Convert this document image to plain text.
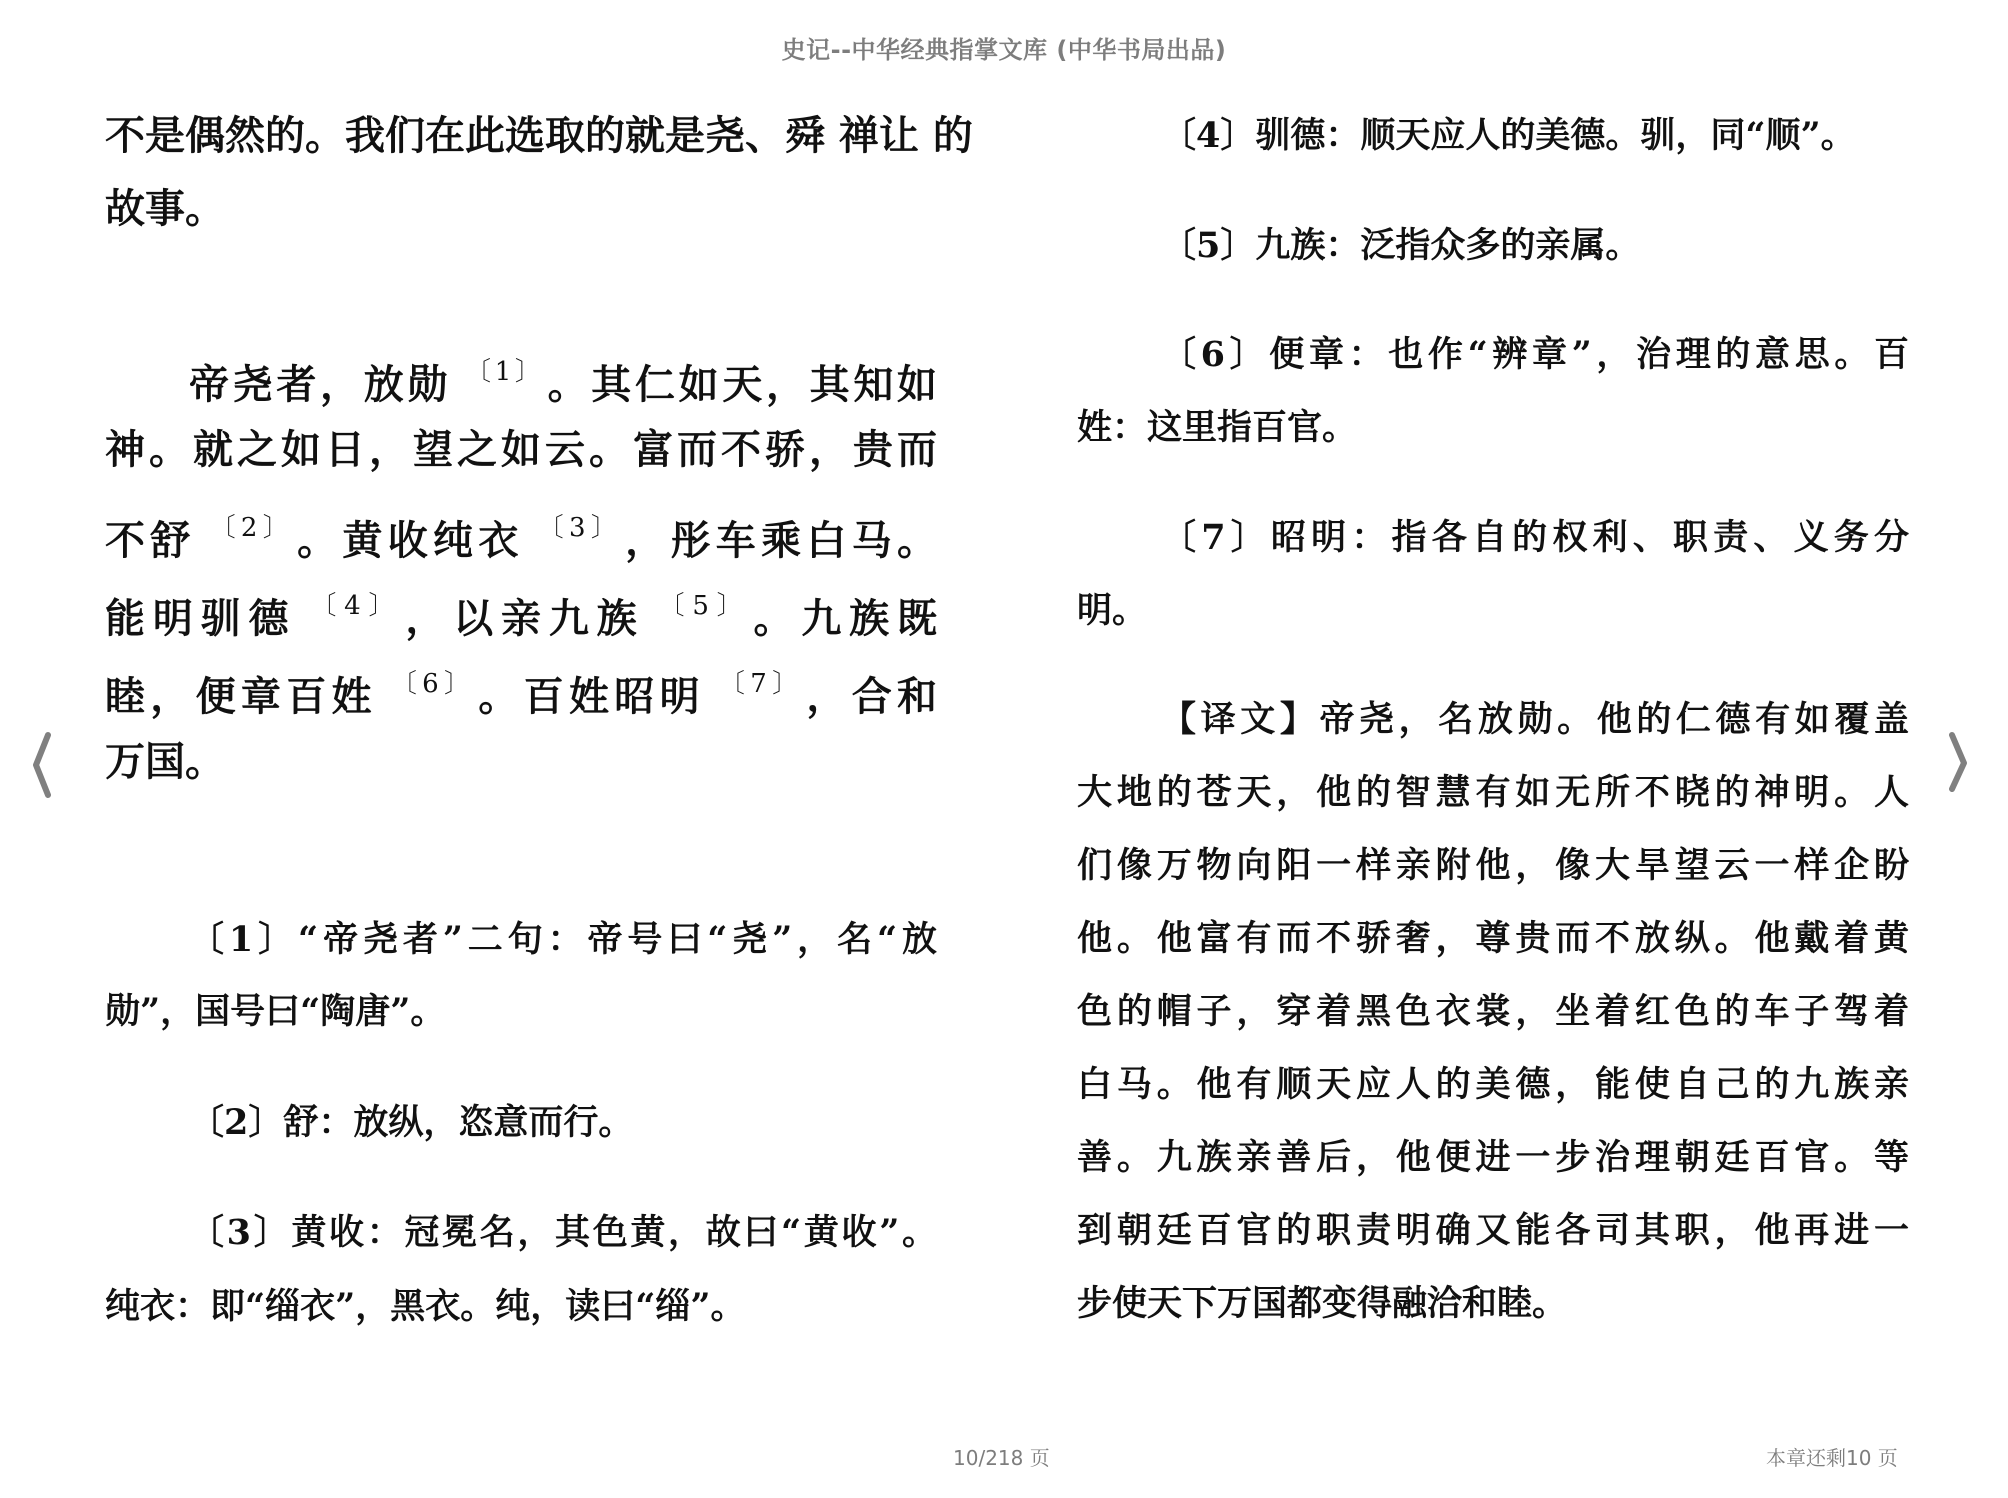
史记--中华经典指掌文库 (中华书局出品)
不是偶然的。我们在此选取的就是尧、舜 禅让 的
故事。
帝尧者，放勋 $^{〔1〕}$ 。其仁如天，其知如
神。就之如日，望之如云。富而不骄，贵而
不舒 $^{〔2〕}$ 。黄收纯衣 $^{〔3〕}$ ，彤车乘白马。
能明驯德 $^{〔4〕}$ ，以亲九族 $^{〔5〕}$ 。九族既
睦，便章百姓 $^{〔6〕}$ 。百姓昭明 $^{〔7〕}$ ，合和
万国。
〔1〕“帝尧者”二句：帝号曰“尧”，名“放
勋”，国号曰“陶唐”。
〔2〕舒：放纵，恣意而行。
〔3〕黄收：冠冕名，其色黄，故曰“黄收”。
纯衣：即“缁衣”，黑衣。纯，读曰“缁”。
〔4〕驯德：顺天应人的美德。驯，同“顺”。
〔5〕九族：泛指众多的亲属。
〔6〕便章：也作“辨章”，治理的意思。百
姓：这里指百官。
〔7〕昭明：指各自的权利、职责、义务分
明。
【译文】帝尧，名放勋。他的仁德有如覆盖
大地的苍天，他的智慧有如无所不晓的神明。人
们像万物向阳一样亲附他，像大旱望云一样企盼
他。他富有而不骄奢，尊贵而不放纵。他戴着黄
色的帽子，穿着黑色衣裳，坐着红色的车子驾着
白马。他有顺天应人的美德，能使自己的九族亲
善。九族亲善后，他便进一步治理朝廷百官。等
到朝廷百官的职责明确又能各司其职，他再进一
步使天下万国都变得融洽和睦。
10/218 页	本章还剩10 页
